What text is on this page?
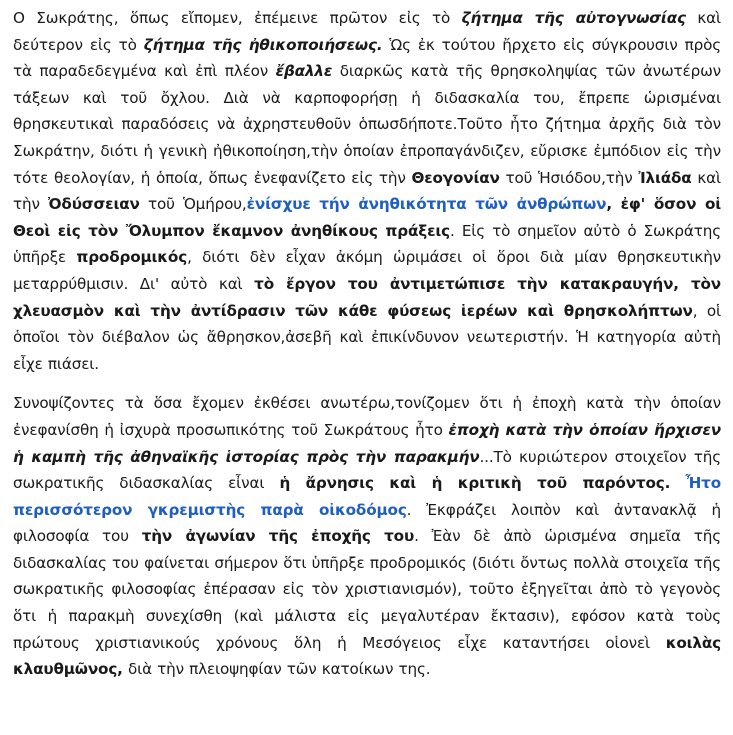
Ο Σωκράτης, ὅπως εἴπομεν, ἐπέμεινε πρῶτον εἰς τὸ ζήτημα τῆς αὐτογνωσίας καὶ δεύτερον εἰς τὸ ζήτημα τῆς ἠθικοποιήσεως. Ὡς ἐκ τούτου ἤρχετο εἰς σύγκρουσιν πρὸς τὰ παραδεδεγμένα καὶ ἐπὶ πλέον ἔβαλλε διαρκῶς κατὰ τῆς θρησκοληψίας τῶν ἀνωτέρων τάξεων καὶ τοῦ ὄχλου. Διὰ νὰ καρποφορήσῃ ἡ διδασκαλία του, ἔπρεπε ὡρισμέναι θρησκευτικαὶ παραδόσεις νὰ ἀχρηστευθοῦν ὁπωσδήποτε.Τοῦτο ἦτο ζήτημα ἀρχῆς διὰ τὸν Σωκράτην, διότι ἡ γενικὴ ἠθικοποίηση,τὴν ὁποίαν ἐπροπαγάνδιζεν, εὔρισκε ἐμπόδιον εἰς τὴν τότε θεολογίαν, ἡ ὁποία, ὅπως ἐνεφανίζετο εἰς τὴν Θεογονίαν τοῦ Ἡσιόδου,τὴν Ἰλιάδα καὶ τὴν Ὀδύσσειαν τοῦ Ὁμήρου,ἐνίσχυε τήν ἀνηθικότητα τῶν ἀνθρώπων, ἐφ' ὅσον οἱ Θεοὶ εἰς τὸν Ὄλυμπον ἔκαμνον ἀνηθίκους πράξεις. Εἰς τὸ σημεῖον αὐτὸ ὁ Σωκράτης ὑπῆρξε προδρομικός, διότι δὲν εἶχαν ἀκόμη ὡριμάσει οἱ ὅροι διὰ μίαν θρησκευτικὴν μεταρρύθμισιν. Δι' αὐτὸ καὶ τὸ ἔργον του ἀντιμετώπισε τὴν κατακραυγήν, τὸν χλευασμὸν καὶ τὴν ἀντίδρασιν τῶν κάθε φύσεως ἱερέων καὶ θρησκολήπτων, οἱ ὁποῖοι τὸν διέβαλον ὡς ἄθρησκον,ἀσεβῆ καὶ ἐπικίνδυνον νεωτεριστήν. Ἡ κατηγορία αὐτὴ εἶχε πιάσει.

Συνοψίζοντες τὰ ὅσα ἔχομεν ἐκθέσει ανωτέρω,τονίζομεν ὅτι ἡ ἐποχὴ κατὰ τὴν ὁποίαν ἐνεφανίσθη ἡ ἰσχυρὰ προσωπικότης τοῦ Σωκράτους ἦτο ἐποχὴ κατὰ τὴν ὁποίαν ἤρχισεν ἡ καμπὴ τῆς ἀθηναϊκῆς ἱστορίας πρὸς τὴν παρακμήν...Τὸ κυριώτερον στοιχεῖον τῆς σωκρατικῆς διδασκαλίας εἶναι ἡ ἄρνησις καὶ ἡ κριτικὴ τοῦ παρόντος. Ἦτο περισσότερον γκρεμιστὴς παρὰ οἰκοδόμος. Ἐκφράζει λοιπὸν καὶ ἀντανακλᾷ ἡ φιλοσοφία του τὴν ἀγωνίαν τῆς ἐποχῆς του. Ἐὰν δὲ ἀπὸ ὡρισμένα σημεῖα τῆς διδασκαλίας του φαίνεται σήμερον ὅτι ὑπῆρξε προδρομικός (διότι ὄντως πολλὰ στοιχεῖα τῆς σωκρατικῆς φιλοσοφίας ἐπέρασαν εἰς τὸν χριστιανισμόν), τοῦτο ἐξηγεῖται ἀπὸ τὸ γεγονὸς ὅτι ἡ παρακμὴ συνεχίσθη (καὶ μάλιστα εἰς μεγαλυτέραν ἔκτασιν), εφόσον κατὰ τοὺς πρώτους χριστιανικούς χρόνους ὅλη ἡ Μεσόγειος εἶχε καταντήσει οἱονεὶ κοιλὰς κλαυθμῶνος, διὰ τὴν πλειοψηφίαν τῶν κατοίκων της.
